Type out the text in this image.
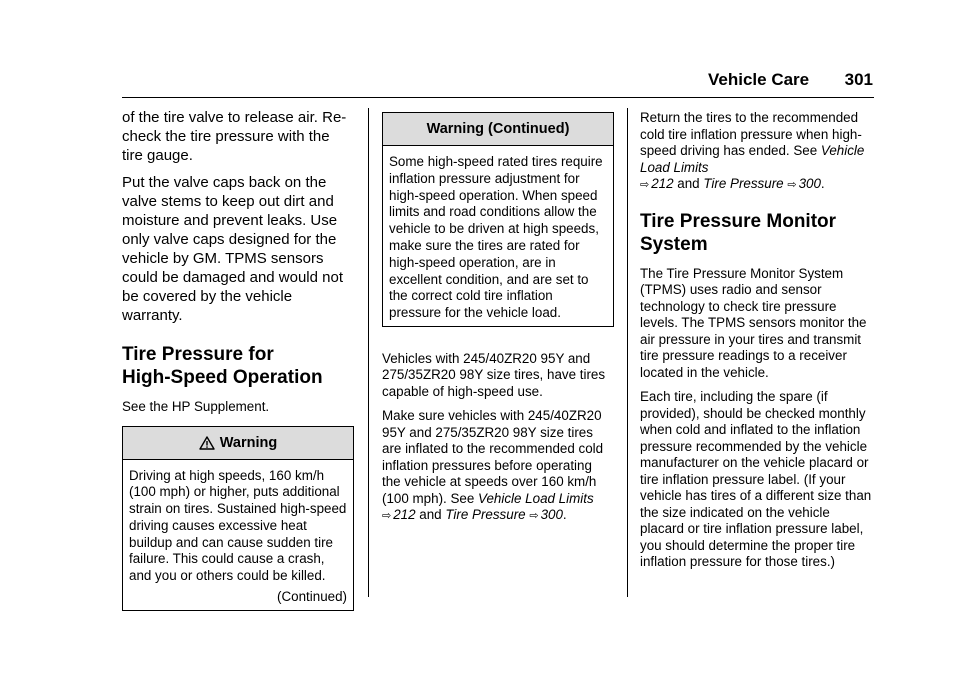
Vehicle Care 301

of the tire valve to release air. Re-check the tire pressure with the tire gauge.

Put the valve caps back on the valve stems to keep out dirt and moisture and prevent leaks. Use only valve caps designed for the vehicle by GM. TPMS sensors could be damaged and would not be covered by the vehicle warranty.

Tire Pressure for
High-Speed Operation

See the HP Supplement.

Warning

Driving at high speeds, 160 km/h (100 mph) or higher, puts additional strain on tires. Sustained high-speed driving causes excessive heat buildup and can cause sudden tire failure. This could cause a crash, and you or others could be killed.

(Continued)

Warning (Continued)

Some high-speed rated tires require inflation pressure adjustment for high-speed operation. When speed limits and road conditions allow the vehicle to be driven at high speeds, make sure the tires are rated for high-speed operation, are in excellent condition, and are set to the correct cold tire inflation pressure for the vehicle load.

Vehicles with 245/40ZR20 95Y and 275/35ZR20 98Y size tires, have tires capable of high-speed use.

Make sure vehicles with 245/40ZR20 95Y and 275/35ZR20 98Y size tires are inflated to the recommended cold inflation pressures before operating the vehicle at speeds over 160 km/h (100 mph). See Vehicle Load Limits
⇨ 212 and Tire Pressure ⇨ 300.

Return the tires to the recommended cold tire inflation pressure when high-speed driving has ended. See Vehicle Load Limits
⇨ 212 and Tire Pressure ⇨ 300.

Tire Pressure Monitor
System

The Tire Pressure Monitor System (TPMS) uses radio and sensor technology to check tire pressure levels. The TPMS sensors monitor the air pressure in your tires and transmit tire pressure readings to a receiver located in the vehicle.

Each tire, including the spare (if provided), should be checked monthly when cold and inflated to the inflation pressure recommended by the vehicle manufacturer on the vehicle placard or tire inflation pressure label. (If your vehicle has tires of a different size than the size indicated on the vehicle placard or tire inflation pressure label, you should determine the proper tire inflation pressure for those tires.)
